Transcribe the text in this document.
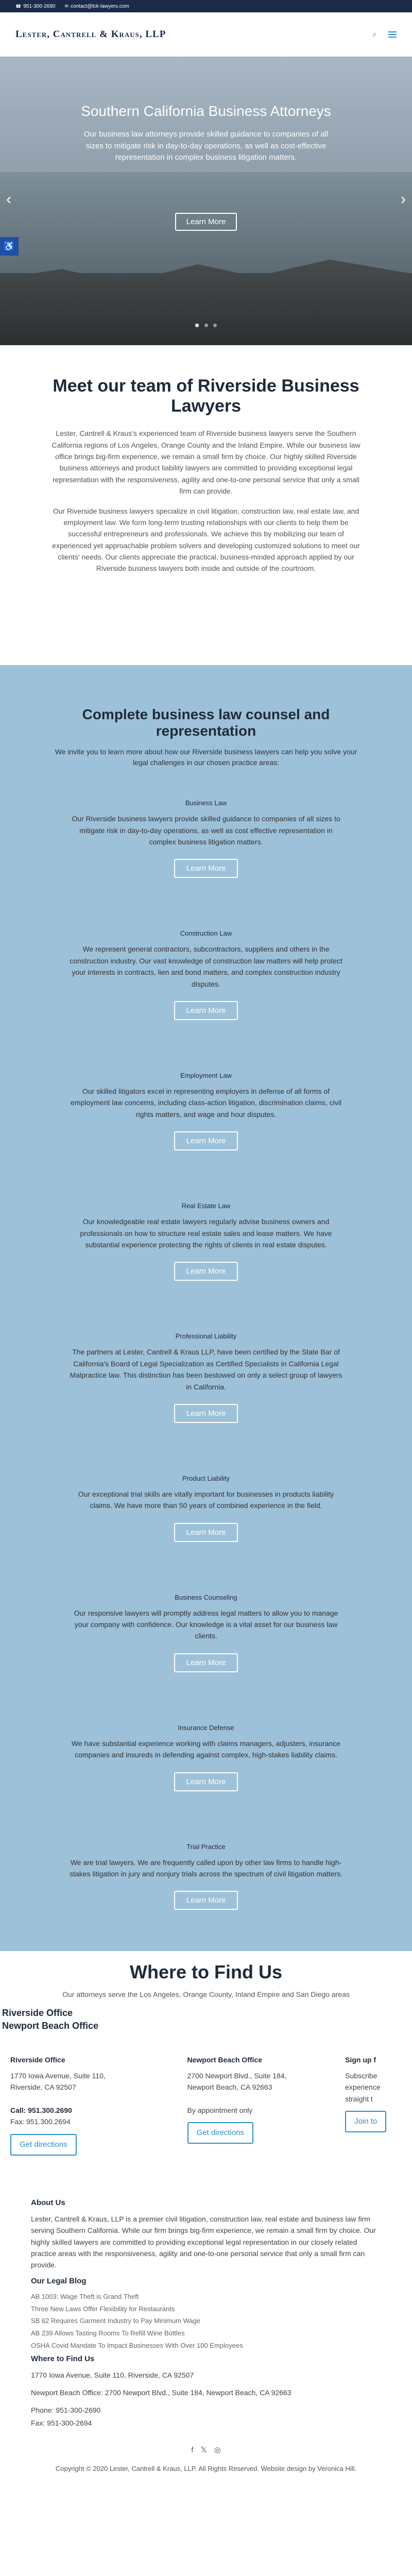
☎ 951-300-2690 ✉ contact@lck-lawyers.com
Lester, Cantrell & Kraus, LLP	⌕
Southern California Business Attorneys

Our business law attorneys provide skilled guidance to companies of all sizes to mitigate risk in day-to-day operations, as well as cost-effective representation in complex business litigation matters.

Learn More
‹	›

♿
Meet our team of Riverside Business Lawyers

Lester, Cantrell & Kraus's experienced team of Riverside business lawyers serve the Southern California regions of Los Angeles, Orange County and the Inland Empire. While our business law office brings big-firm experience, we remain a small firm by choice. Our highly skilled Riverside business attorneys and product liability lawyers are committed to providing exceptional legal representation with the responsiveness, agility and one-to-one personal service that only a small firm can provide.

Our Riverside business lawyers specialize in civil litigation, construction law, real estate law, and employment law. We form long-term trusting relationships with our clients to help them be successful entrepreneurs and professionals. We achieve this by mobilizing our team of experienced yet approachable problem solvers and developing customized solutions to meet our clients' needs. Our clients appreciate the practical, business-minded approach applied by our Riverside business lawyers both inside and outside of the courtroom.

Complete business law counsel and representation

We invite you to learn more about how our Riverside business lawyers can help you solve your legal challenges in our chosen practice areas:

Business Law

Our Riverside business lawyers provide skilled guidance to companies of all sizes to mitigate risk in day-to-day operations, as well as cost effective representation in complex business litigation matters.

Learn More
Construction Law

We represent general contractors, subcontractors, suppliers and others in the construction industry. Our vast knowledge of construction law matters will help protect your interests in contracts, lien and bond matters, and complex construction industry disputes.

Learn More
Employment Law

Our skilled litigators excel in representing employers in defense of all forms of employment law concerns, including class-action litigation, discrimination claims, civil rights matters, and wage and hour disputes.

Learn More
Real Estate Law

Our knowledgeable real estate lawyers regularly advise business owners and professionals on how to structure real estate sales and lease matters. We have substantial experience protecting the rights of clients in real estate disputes.

Learn More
Professional Liability

The partners at Lester, Cantrell & Kraus LLP, have been certified by the State Bar of California's Board of Legal Specialization as Certified Specialists in California Legal Malpractice law. This distinction has been bestowed on only a select group of lawyers in California.

Learn More
Product Liability

Our exceptional trial skills are vitally important for businesses in products liability claims. We have more than 50 years of combined experience in the field.

Learn More
Business Counseling

Our responsive lawyers will promptly address legal matters to allow you to manage your company with confidence. Our knowledge is a vital asset for our business law clients.

Learn More
Insurance Defense

We have substantial experience working with claims managers, adjusters, insurance companies and insureds in defending against complex, high-stakes liability claims.

Learn More
Trial Practice

We are trial lawyers. We are frequently called upon by other law firms to handle high-stakes litigation in jury and nonjury trials across the spectrum of civil litigation matters.

Learn More
Where to Find Us

Our attorneys serve the Los Angeles, Orange County, Inland Empire and San Diego areas

Riverside Office
Newport Beach Office
Riverside Office
1770 Iowa Avenue, Suite 110,
Riverside, CA 92507

Call: 951.300.2690
Fax: 951.300.2694
Get directions
Newport Beach Office
2700 Newport Blvd., Suite 184,
Newport Beach, CA 92663

By appointment only
Get directions
Sign up f
Subscribe
experience
straight t
Join to
About Us

Lester, Cantrell & Kraus, LLP is a premier civil litigation, construction law, real estate and business law firm serving Southern California. While our firm brings big-firm experience, we remain a small firm by choice. Our highly skilled lawyers are committed to providing exceptional legal representation in our closely related practice areas with the responsiveness, agility and one-to-one personal service that only a small firm can provide.

Our Legal Blog
AB 1003: Wage Theft is Grand Theft
Three New Laws Offer Flexibility for Restaurants
SB 62 Requires Garment Industry to Pay Minimum Wage
AB 239 Allows Tasting Rooms To Refill Wine Bottles
OSHA Covid Mandate To Impact Businesses With Over 100 Employees
Where to Find Us

1770 Iowa Avenue, Suite 110, Riverside, CA 92507

Newport Beach Office: 2700 Newport Blvd., Suite 184, Newport Beach, CA 92663

Phone: 951-300-2690

Fax: 951-300-2694

f 𝕏 ◎

Copyright © 2020 Lester, Cantrell & Kraus, LLP. All Rights Reserved. Website design by Veronica Hill.
